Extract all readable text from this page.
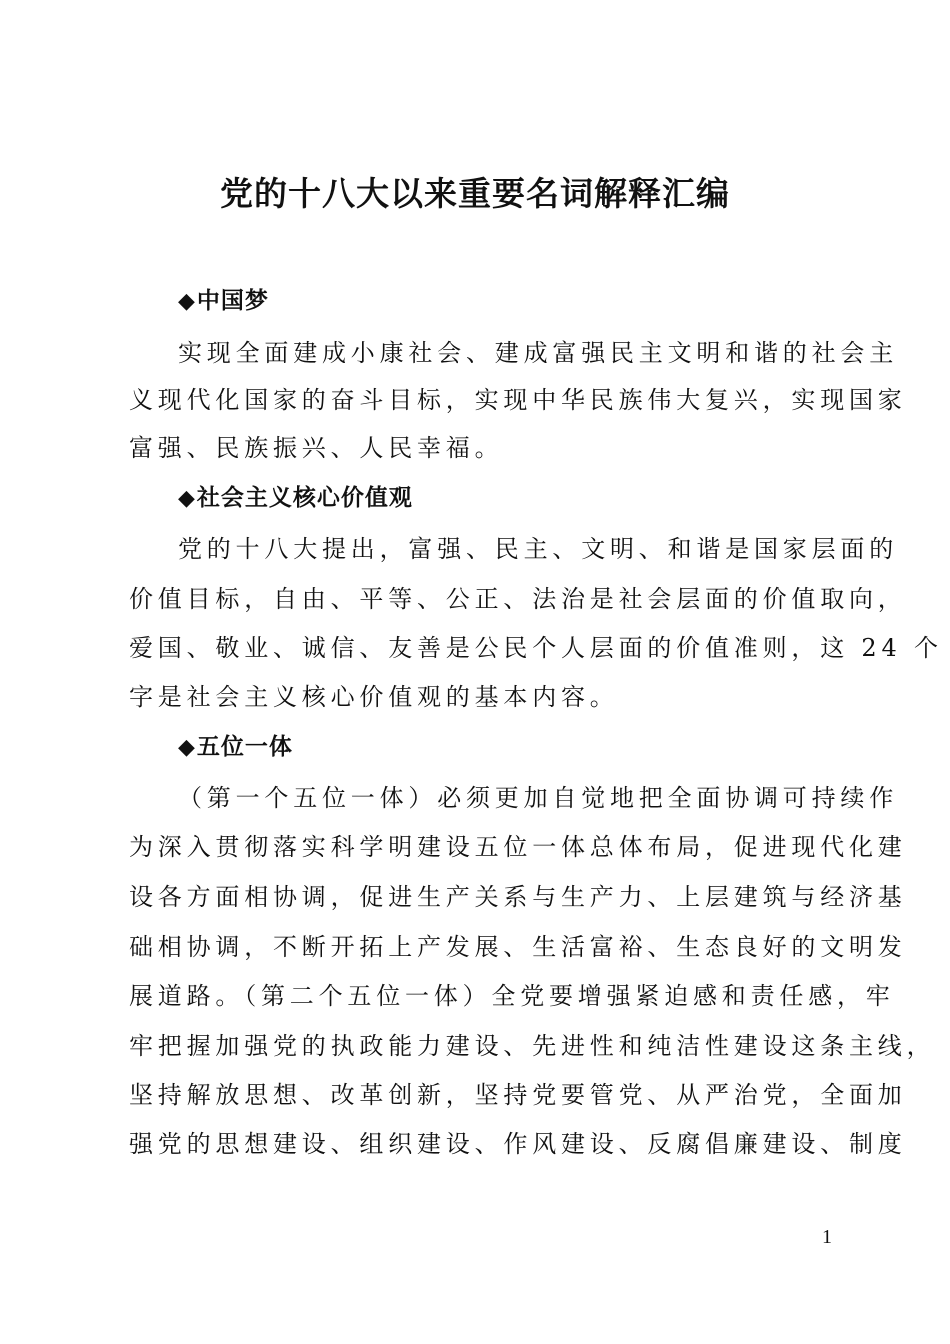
党的十八大以来重要名词解释汇编
◆中国梦
实现全面建成小康社会、建成富强民主文明和谐的社会主
义现代化国家的奋斗目标，实现中华民族伟大复兴，实现国家
富强、民族振兴、人民幸福。
◆社会主义核心价值观
党的十八大提出，富强、民主、文明、和谐是国家层面的
价值目标，自由、平等、公正、法治是社会层面的价值取向，
爱国、敬业、诚信、友善是公民个人层面的价值准则，这 24 个
字是社会主义核心价值观的基本内容。
◆五位一体
（第一个五位一体）必须更加自觉地把全面协调可持续作
为深入贯彻落实科学明建设五位一体总体布局，促进现代化建
设各方面相协调，促进生产关系与生产力、上层建筑与经济基
础相协调，不断开拓上产发展、生活富裕、生态良好的文明发
展道路。（第二个五位一体）全党要增强紧迫感和责任感，牢
牢把握加强党的执政能力建设、先进性和纯洁性建设这条主线，
坚持解放思想、改革创新，坚持党要管党、从严治党，全面加
强党的思想建设、组织建设、作风建设、反腐倡廉建设、制度
1
